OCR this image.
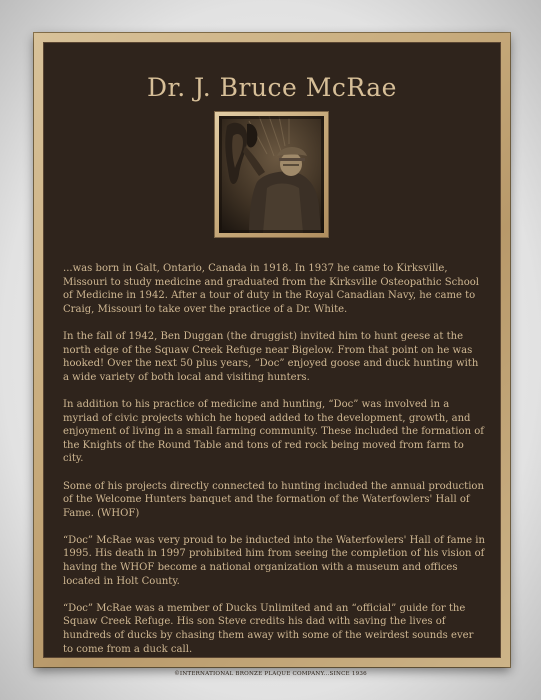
Dr. J. Bruce McRae

...was born in Galt, Ontario, Canada in 1918. In 1937 he came to Kirksville, Missouri to study medicine and graduated from the Kirksville Osteopathic School of Medicine in 1942. After a tour of duty in the Royal Canadian Navy, he came to Craig, Missouri to take over the practice of a Dr. White.

In the fall of 1942, Ben Duggan (the druggist) invited him to hunt geese at the north edge of the Squaw Creek Refuge near Bigelow. From that point on he was hooked! Over the next 50 plus years, “Doc” enjoyed goose and duck hunting with a wide variety of both local and visiting hunters.

In addition to his practice of medicine and hunting, “Doc” was involved in a myriad of civic projects which he hoped added to the development, growth, and enjoyment of living in a small farming community. These included the formation of the Knights of the Round Table and tons of red rock being moved from farm to city.

Some of his projects directly connected to hunting included the annual production of the Welcome Hunters banquet and the formation of the Waterfowlers' Hall of Fame. (WHOF)

“Doc” McRae was very proud to be inducted into the Waterfowlers' Hall of fame in 1995. His death in 1997 prohibited him from seeing the completion of his vision of having the WHOF become a national organization with a museum and offices located in Holt County.

“Doc” McRae was a member of Ducks Unlimited and an “official” guide for the Squaw Creek Refuge. His son Steve credits his dad with saving the lives of hundreds of ducks by chasing them away with some of the weirdest sounds ever to come from a duck call.

©INTERNATIONAL BRONZE PLAQUE COMPANY...SINCE 1936
